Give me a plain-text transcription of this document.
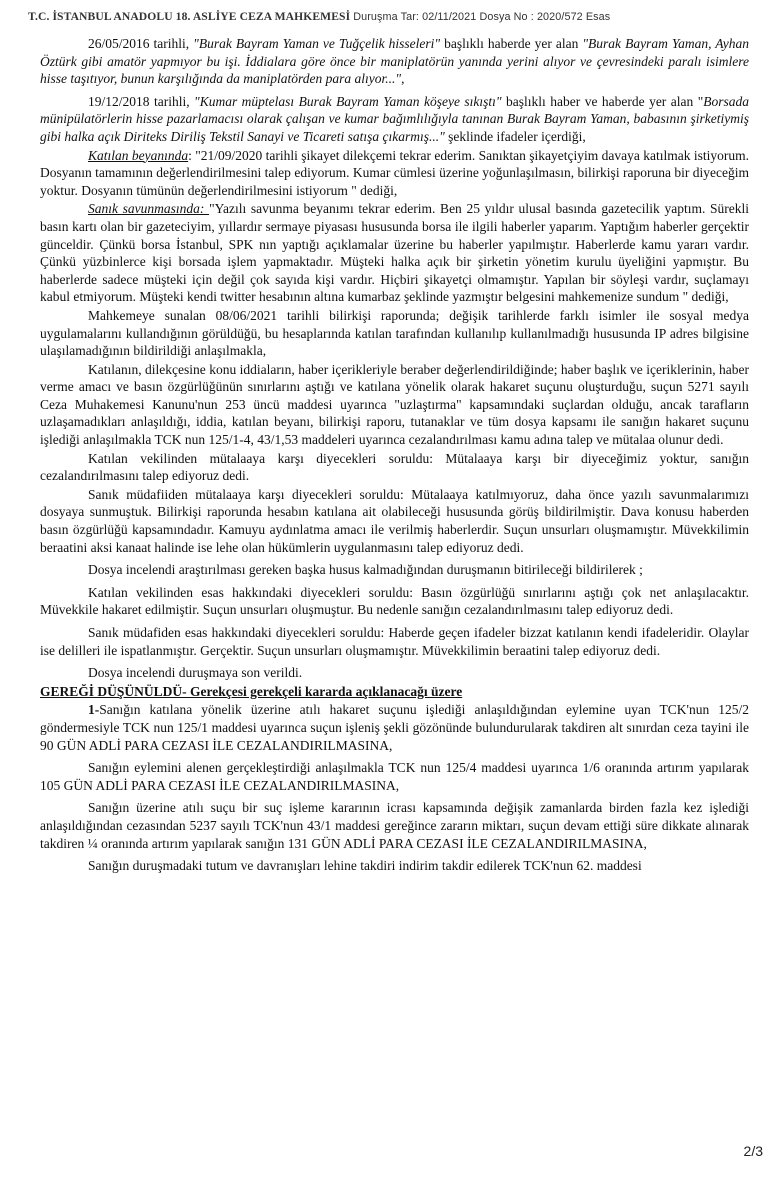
T.C. İSTANBUL ANADOLU 18. ASLİYE CEZA MAHKEMESİ Duruşma Tar: 02/11/2021 Dosya No : 2020/572 Esas

26/05/2016 tarihli, "Burak Bayram Yaman ve Tuğçelik hisseleri" başlıklı haberde yer alan "Burak Bayram Yaman, Ayhan Öztürk gibi amatör yapmıyor bu işi. İddialara göre önce bir maniplatörün yanında yerini alıyor ve çevresindeki paralı isimlere hisse taşıtıyor, bunun karşılığında da maniplatörden para alıyor...",

19/12/2018 tarihli, "Kumar müptelası Burak Bayram Yaman köşeye sıkıştı" başlıklı haber ve haberde yer alan "Borsada münipülatörlerin hisse pazarlamacısı olarak çalışan ve kumar bağımlılığıyla tanınan Burak Bayram Yaman, babasının şirketiymiş gibi halka açık Diriteks Diriliş Tekstil Sanayi ve Ticareti satışa çıkarmış..." şeklinde ifadeler içerdiği,

Katılan beyanında: "21/09/2020 tarihli şikayet dilekçemi tekrar ederim. Sanıktan şikayetçiyim davaya katılmak istiyorum. Dosyanın tamamının değerlendirilmesini talep ediyorum. Kumar cümlesi üzerine yoğunlaşılmasın, bilirkişi raporuna bir diyeceğim yoktur. Dosyanın tümünün değerlendirilmesini istiyorum " dediği,

Sanık savunmasında: "Yazılı savunma beyanımı tekrar ederim. Ben 25 yıldır ulusal basında gazetecilik yaptım. Sürekli basın kartı olan bir gazeteciyim, yıllardır sermaye piyasası hususunda borsa ile ilgili haberler yaparım. Yaptığım haberler gerçektir günceldir. Çünkü borsa İstanbul, SPK nın yaptığı açıklamalar üzerine bu haberler yapılmıştır. Haberlerde kamu yararı vardır. Çünkü yüzbinlerce kişi borsada işlem yapmaktadır. Müşteki halka açık bir şirketin yönetim kurulu üyeliğini yapmıştır. Bu haberlerde sadece müşteki için değil çok sayıda kişi vardır. Hiçbiri şikayetçi olmamıştır. Yapılan bir söyleşi vardır, suçlamayı kabul etmiyorum. Müşteki kendi twitter hesabının altına kumarbaz şeklinde yazmıştır belgesini mahkemenize sundum " dediği,

Mahkemeye sunalan 08/06/2021 tarihli bilirkişi raporunda; değişik tarihlerde farklı isimler ile sosyal medya uygulamalarını kullandığının görüldüğü, bu hesaplarında katılan tarafından kullanılıp kullanılmadığı hususunda IP adres bilgisine ulaşılamadığının bildirildiği anlaşılmakla,

Katılanın, dilekçesine konu iddiaların, haber içerikleriyle beraber değerlendirildiğinde; haber başlık ve içeriklerinin, haber verme amacı ve basın özgürlüğünün sınırlarını aştığı ve katılana yönelik olarak hakaret suçunu oluşturduğu, suçun 5271 sayılı Ceza Muhakemesi Kanunu'nun 253 üncü maddesi uyarınca "uzlaştırma" kapsamındaki suçlardan olduğu, ancak tarafların uzlaşamadıkları anlaşıldığı, iddia, katılan beyanı, bilirkişi raporu, tutanaklar ve tüm dosya kapsamı ile sanığın hakaret suçunu işlediği anlaşılmakla TCK nun 125/1-4, 43/1,53 maddeleri uyarınca cezalandırılması kamu adına talep ve mütalaa olunur dedi.

Katılan vekilinden mütalaaya karşı diyecekleri soruldu: Mütalaaya karşı bir diyeceğimiz yoktur, sanığın cezalandırılmasını talep ediyoruz dedi.

Sanık müdafiiden mütalaaya karşı diyecekleri soruldu: Mütalaaya katılmıyoruz, daha önce yazılı savunmalarımızı dosyaya sunmuştuk. Bilirkişi raporunda hesabın katılana ait olabileceği hususunda görüş bildirilmiştir. Dava konusu haberden basın özgürlüğü kapsamındadır. Kamuyu aydınlatma amacı ile verilmiş haberlerdir. Suçun unsurları oluşmamıştır. Müvekkilimin beraatini aksi kanaat halinde ise lehe olan hükümlerin uygulanmasını talep ediyoruz dedi.

Dosya incelendi araştırılması gereken başka husus kalmadığından duruşmanın bitirileceği bildirilerek ;

Katılan vekilinden esas hakkındaki diyecekleri soruldu: Basın özgürlüğü sınırlarını aştığı çok net anlaşılacaktır. Müvekkile hakaret edilmiştir. Suçun unsurları oluşmuştur. Bu nedenle sanığın cezalandırılmasını talep ediyoruz dedi.

Sanık müdafiden esas hakkındaki diyecekleri soruldu: Haberde geçen ifadeler bizzat katılanın kendi ifadeleridir. Olaylar ise delilleri ile ispatlanmıştır. Gerçektir. Suçun unsurları oluşmamıştır. Müvekkilimin beraatini talep ediyoruz dedi.

Dosya incelendi duruşmaya son verildi.

GEREĞİ DÜŞÜNÜLDÜ- Gerekçesi gerekçeli kararda açıklanacağı üzere

1-Sanığın katılana yönelik üzerine atılı hakaret suçunu işlediği anlaşıldığından eylemine uyan TCK'nun 125/2 göndermesiyle TCK nun 125/1 maddesi uyarınca suçun işleniş şekli gözönünde bulundurularak takdiren alt sınırdan ceza tayini ile 90 GÜN ADLİ PARA CEZASI İLE CEZALANDIRILMASINA,

Sanığın eylemini alenen gerçekleştirdiği anlaşılmakla TCK nun 125/4 maddesi uyarınca 1/6 oranında artırım yapılarak 105 GÜN ADLİ PARA CEZASI İLE CEZALANDIRILMASINA,

Sanığın üzerine atılı suçu bir suç işleme kararının icrası kapsamında değişik zamanlarda birden fazla kez işlediği anlaşıldığından cezasından 5237 sayılı TCK'nun 43/1 maddesi gereğince zararın miktarı, suçun devam ettiği süre dikkate alınarak takdiren ¼ oranında artırım yapılarak sanığın 131 GÜN ADLİ PARA CEZASI İLE CEZALANDIRILMASINA,

Sanığın duruşmadaki tutum ve davranışları lehine takdiri indirim takdir edilerek TCK'nun 62. maddesi

2/3
